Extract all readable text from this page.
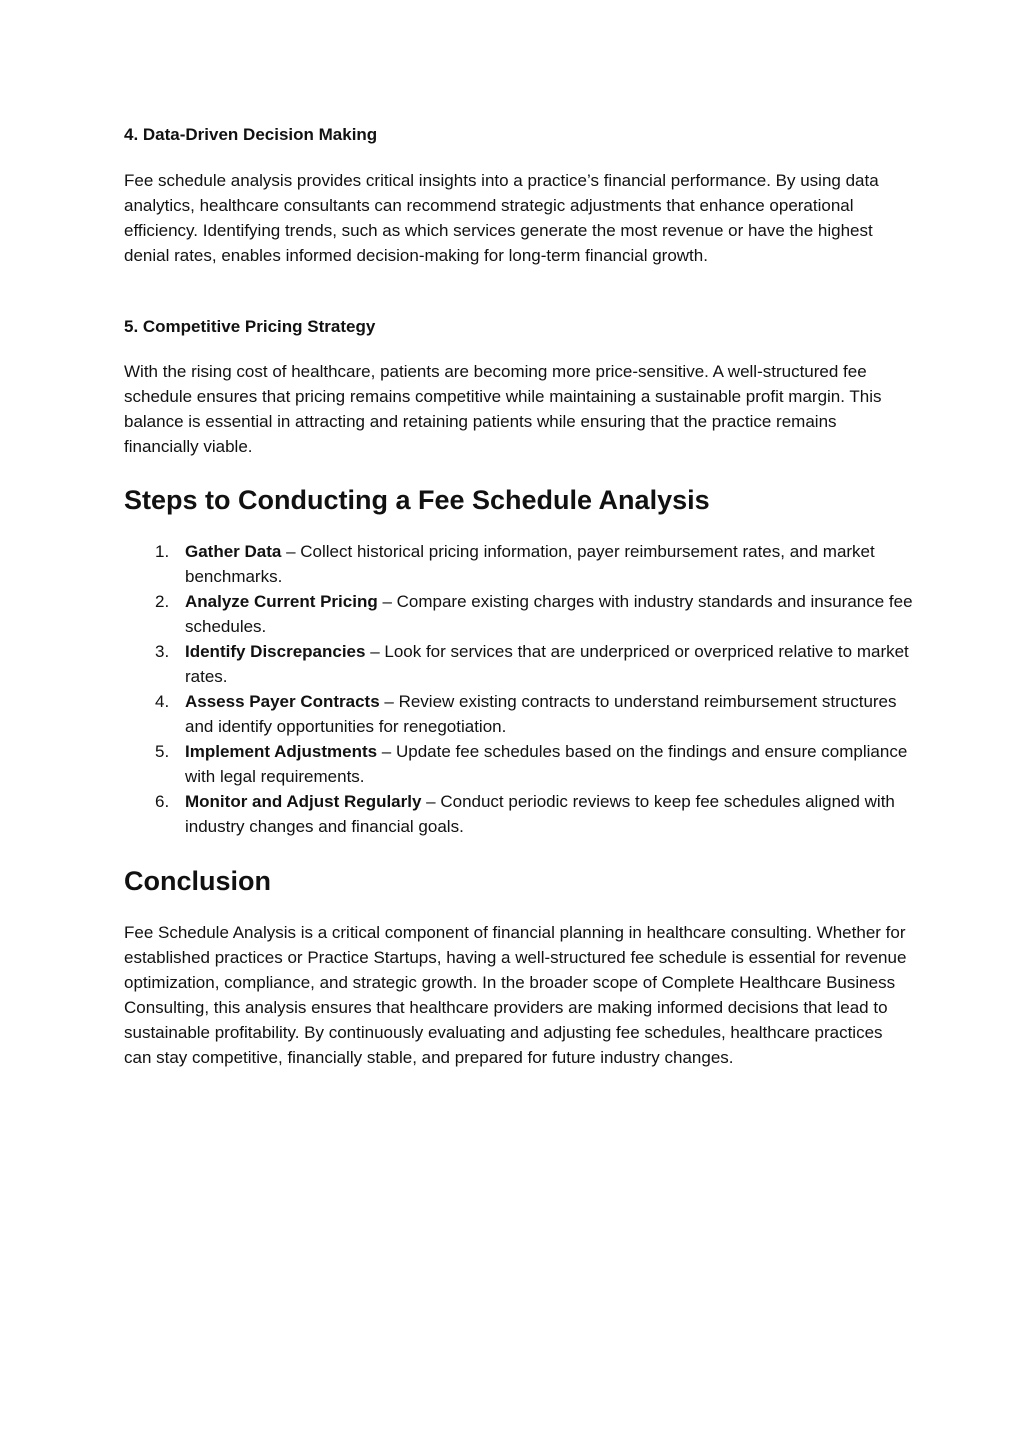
4. Data-Driven Decision Making

Fee schedule analysis provides critical insights into a practice’s financial performance. By using data analytics, healthcare consultants can recommend strategic adjustments that enhance operational efficiency. Identifying trends, such as which services generate the most revenue or have the highest denial rates, enables informed decision-making for long-term financial growth.

5. Competitive Pricing Strategy

With the rising cost of healthcare, patients are becoming more price-sensitive. A well-structured fee schedule ensures that pricing remains competitive while maintaining a sustainable profit margin. This balance is essential in attracting and retaining patients while ensuring that the practice remains financially viable.

Steps to Conducting a Fee Schedule Analysis
1. Gather Data – Collect historical pricing information, payer reimbursement rates, and market benchmarks.
2. Analyze Current Pricing – Compare existing charges with industry standards and insurance fee schedules.
3. Identify Discrepancies – Look for services that are underpriced or overpriced relative to market rates.
4. Assess Payer Contracts – Review existing contracts to understand reimbursement structures and identify opportunities for renegotiation.
5. Implement Adjustments – Update fee schedules based on the findings and ensure compliance with legal requirements.
6. Monitor and Adjust Regularly – Conduct periodic reviews to keep fee schedules aligned with industry changes and financial goals.
Conclusion

Fee Schedule Analysis is a critical component of financial planning in healthcare consulting. Whether for established practices or Practice Startups, having a well-structured fee schedule is essential for revenue optimization, compliance, and strategic growth. In the broader scope of Complete Healthcare Business Consulting, this analysis ensures that healthcare providers are making informed decisions that lead to sustainable profitability. By continuously evaluating and adjusting fee schedules, healthcare practices can stay competitive, financially stable, and prepared for future industry changes.
